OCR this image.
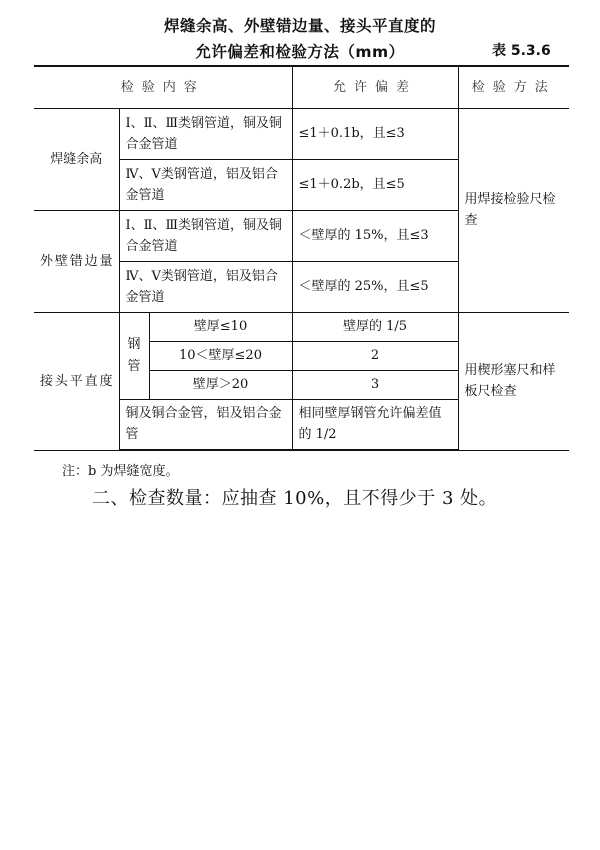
焊缝余高、外壁错边量、接头平直度的
允许偏差和检验方法（mm）	表 5.3.6
检验内容			允许偏差	检验方法
焊缝余高	Ⅰ、Ⅱ、Ⅲ类钢管道，铜及铜合金管道		≤1＋0.1b，且≤3	用焊接检验尺检查
	Ⅳ、Ⅴ类钢管道，铝及铝合金管道		≤1＋0.2b，且≤5	
外壁错边量	Ⅰ、Ⅱ、Ⅲ类钢管道，铜及铜合金管道		＜壁厚的 15%，且≤3	
	Ⅳ、Ⅴ类钢管道，铝及铝合金管道		＜壁厚的 25%，且≤5	
接头平直度	钢管	壁厚≤10	壁厚的 1/5	用楔形塞尺和样板尺检查
		10＜壁厚≤20	2	
		壁厚＞20	3	
	铜及铜合金管，铝及铝合金管		相同壁厚钢管允许偏差值的 1/2	
注：b 为焊缝宽度。
二、检查数量：应抽查 10%，且不得少于 3 处。
